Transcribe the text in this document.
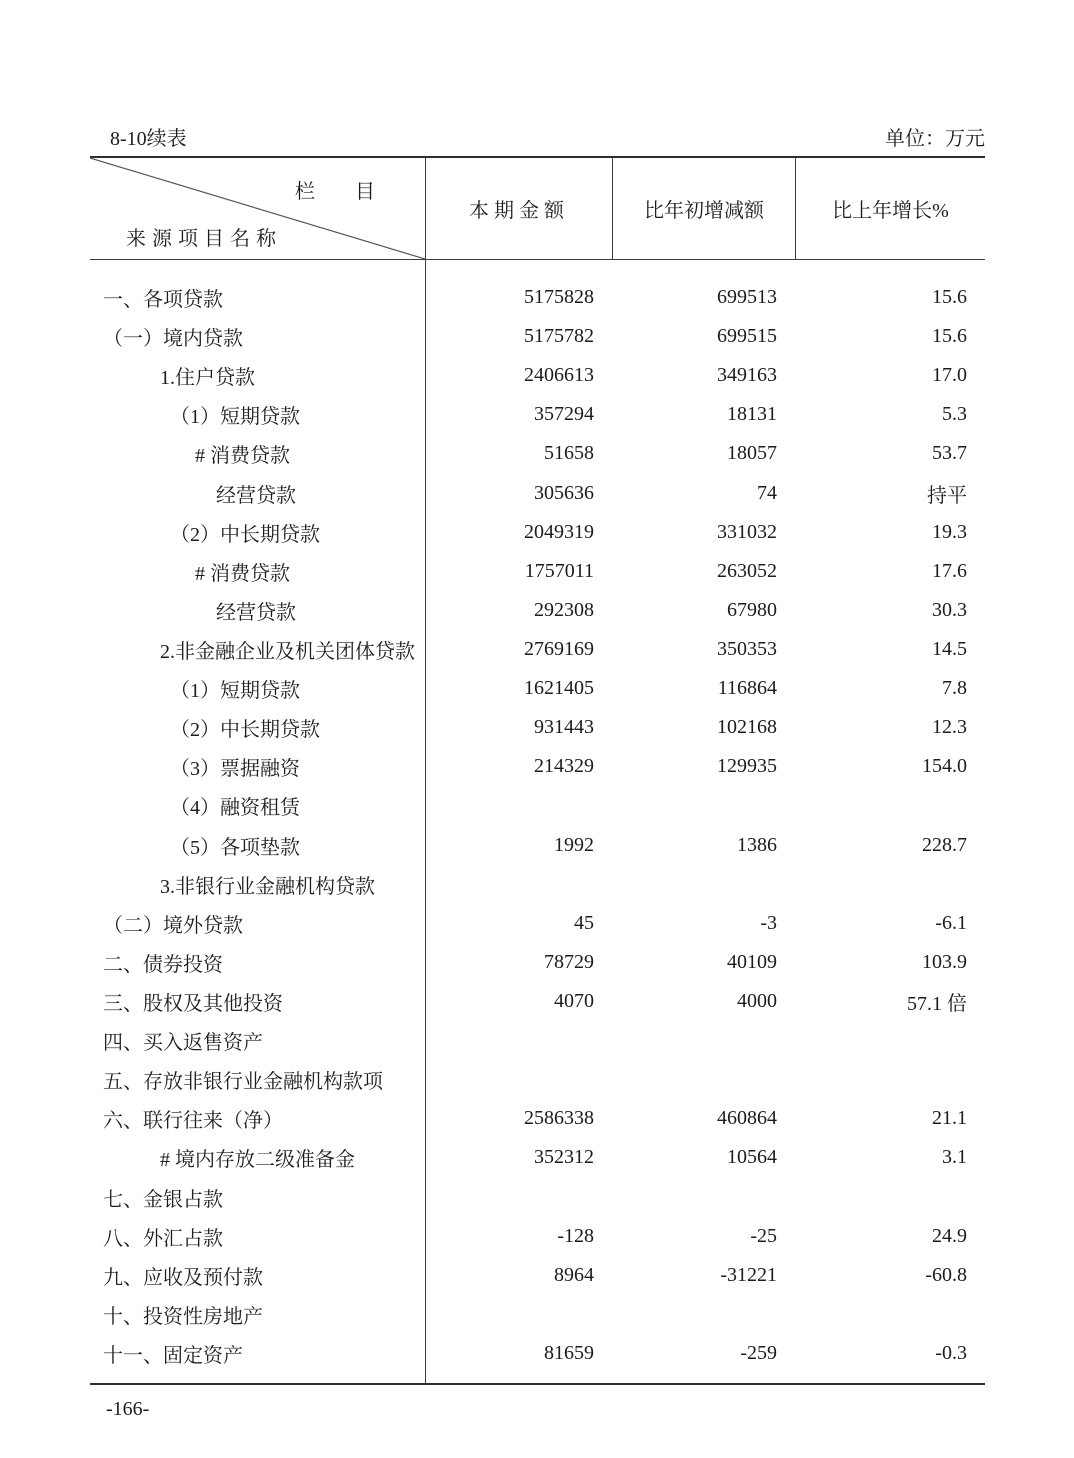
8-10续表	单位：万元
栏　　目
来源项目名称
本期金额	比年初增减额	比上年增长%
一、各项贷款	5175828	699513	15.6
（一）境内贷款	5175782	699515	15.6
1.住户贷款	2406613	349163	17.0
（1）短期贷款	357294	18131	5.3
# 消费贷款	51658	18057	53.7
经营贷款	305636	74	持平
（2）中长期贷款	2049319	331032	19.3
# 消费贷款	1757011	263052	17.6
经营贷款	292308	67980	30.3
2.非金融企业及机关团体贷款	2769169	350353	14.5
（1）短期贷款	1621405	116864	7.8
（2）中长期贷款	931443	102168	12.3
（3）票据融资	214329	129935	154.0
（4）融资租赁
（5）各项垫款	1992	1386	228.7
3.非银行业金融机构贷款
（二）境外贷款	45	-3	-6.1
二、债券投资	78729	40109	103.9
三、股权及其他投资	4070	4000	57.1 倍
四、买入返售资产
五、存放非银行业金融机构款项
六、联行往来（净）	2586338	460864	21.1
# 境内存放二级准备金	352312	10564	3.1
七、金银占款
八、外汇占款	-128	-25	24.9
九、应收及预付款	8964	-31221	-60.8
十、投资性房地产
十一、固定资产	81659	-259	-0.3
-166-
